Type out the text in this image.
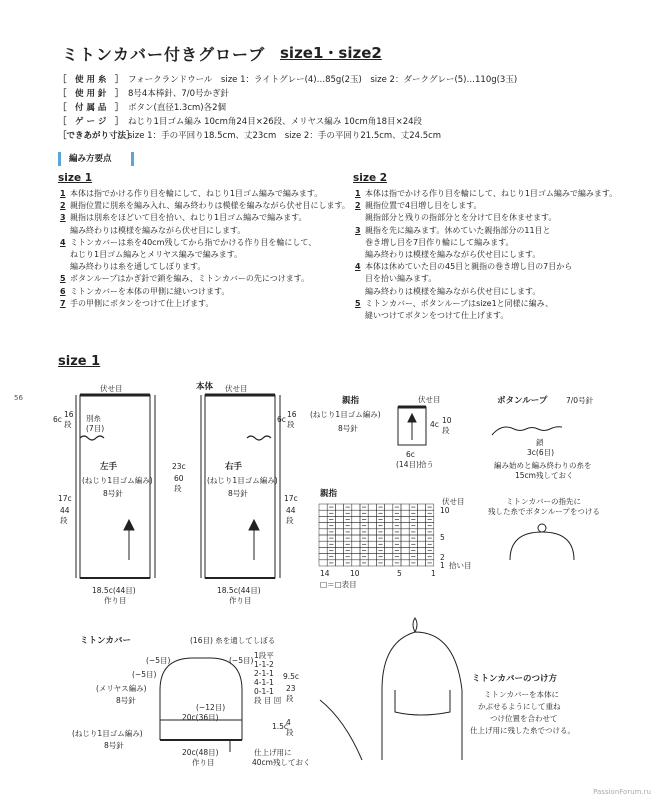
ミトンカバー付きグローブ size1・size2
［　使 用 糸　］ フォークランドウール　size 1：ライトグレー(4)…85g(2玉)　size 2：ダークグレー(5)…110g(3玉)
［　使 用 針　］ 8号4本棒針、7/0号かぎ針
［　付 属 品　］ ボタン(直径1.3cm)各2個
［　ゲ ー ジ　］ ねじり1目ゴム編み 10cm角24目×26段、メリヤス編み 10cm角18目×24段
［できあがり寸法］size 1：手の平回り18.5cm、丈23cm　size 2：手の平回り21.5cm、丈24.5cm
編み方要点
size 1
1 本体は指でかける作り目を輪にして、ねじり1目ゴム編みで編みます。
2 親指位置に別糸を編み入れ、編み終わりは模様を編みながら伏せ目にします。
3 親指は別糸をほどいて目を拾い、ねじり1目ゴム編みで編みます。
編み終わりは模様を編みながら伏せ目にします。
4 ミトンカバーは糸を40cm残してから指でかける作り目を輪にして、
ねじり1目ゴム編みとメリヤス編みで編みます。
編み終わりは糸を通してしぼります。
5 ボタンループはかぎ針で鎖を編み、ミトンカバーの先につけます。
6 ミトンカバーを本体の甲側に縫いつけます。
7 手の甲側にボタンをつけて仕上げます。
size 2
1 本体は指でかける作り目を輪にして、ねじり1目ゴム編みで編みます。
2 親指位置で4目増し目をします。
親指部分と残りの指部分とを分けて目を休ませます。
3 親指を先に編みます。休めていた親指部分の11目と
巻き増し目を7目作り輪にして編みます。
編み終わりは模様を編みながら伏せ目にします。
4 本体は休めていた目の45目と親指の巻き増し目の7目から
目を拾い編みます。
編み終わりは模様を編みながら伏せ目にします。
5 ミトンカバー、ボタンループはsize1と同様に編み、
縫いつけてボタンをつけて仕上げます。
size 1
56
本体
伏せ目	伏せ目
別糸
(7目)
左手
(ねじり1目ゴム編み)
8号針
右手
(ねじり1目ゴム編み)
8号針
6c
16
段
17c
44
段
23c
60
段
6c
16
段
17c
44
段
18.5c(44目)
作り目
18.5c(44目)
作り目
親指	伏せ目
(ねじり1目ゴム編み)
8号針	4c 10
段
6c
(14目)拾う
親指
伏せ目
10
5
2
1 拾い目
14	10	5	1
□＝□表目
ボタンループ 7/0号針
鎖
3c(6目)
編み始めと編み終わりの糸を
15cm残しておく
ミトンカバーの指先に
残した糸でボタンループをつける
ミトンカバー	(16目) 糸を通してしぼる
(−5目)	(−5目)
(−5目)
1段平
1-1-2
2-1-1
4-1-1
0-1-1
段 目 回
9.5c
23
段
(メリヤス編み)
8号針
(−12目)
20c(36目)
(ねじり1目ゴム編み)
8号針
1.5c
4
段
20c(48目)
作り目
仕上げ用に
40cm残しておく
ミトンカバーのつけ方
ミトンカバーを本体に
かぶせるようにして重ね
つけ位置を合わせて
仕上げ用に残した糸でつける。
PassionForum.ru
